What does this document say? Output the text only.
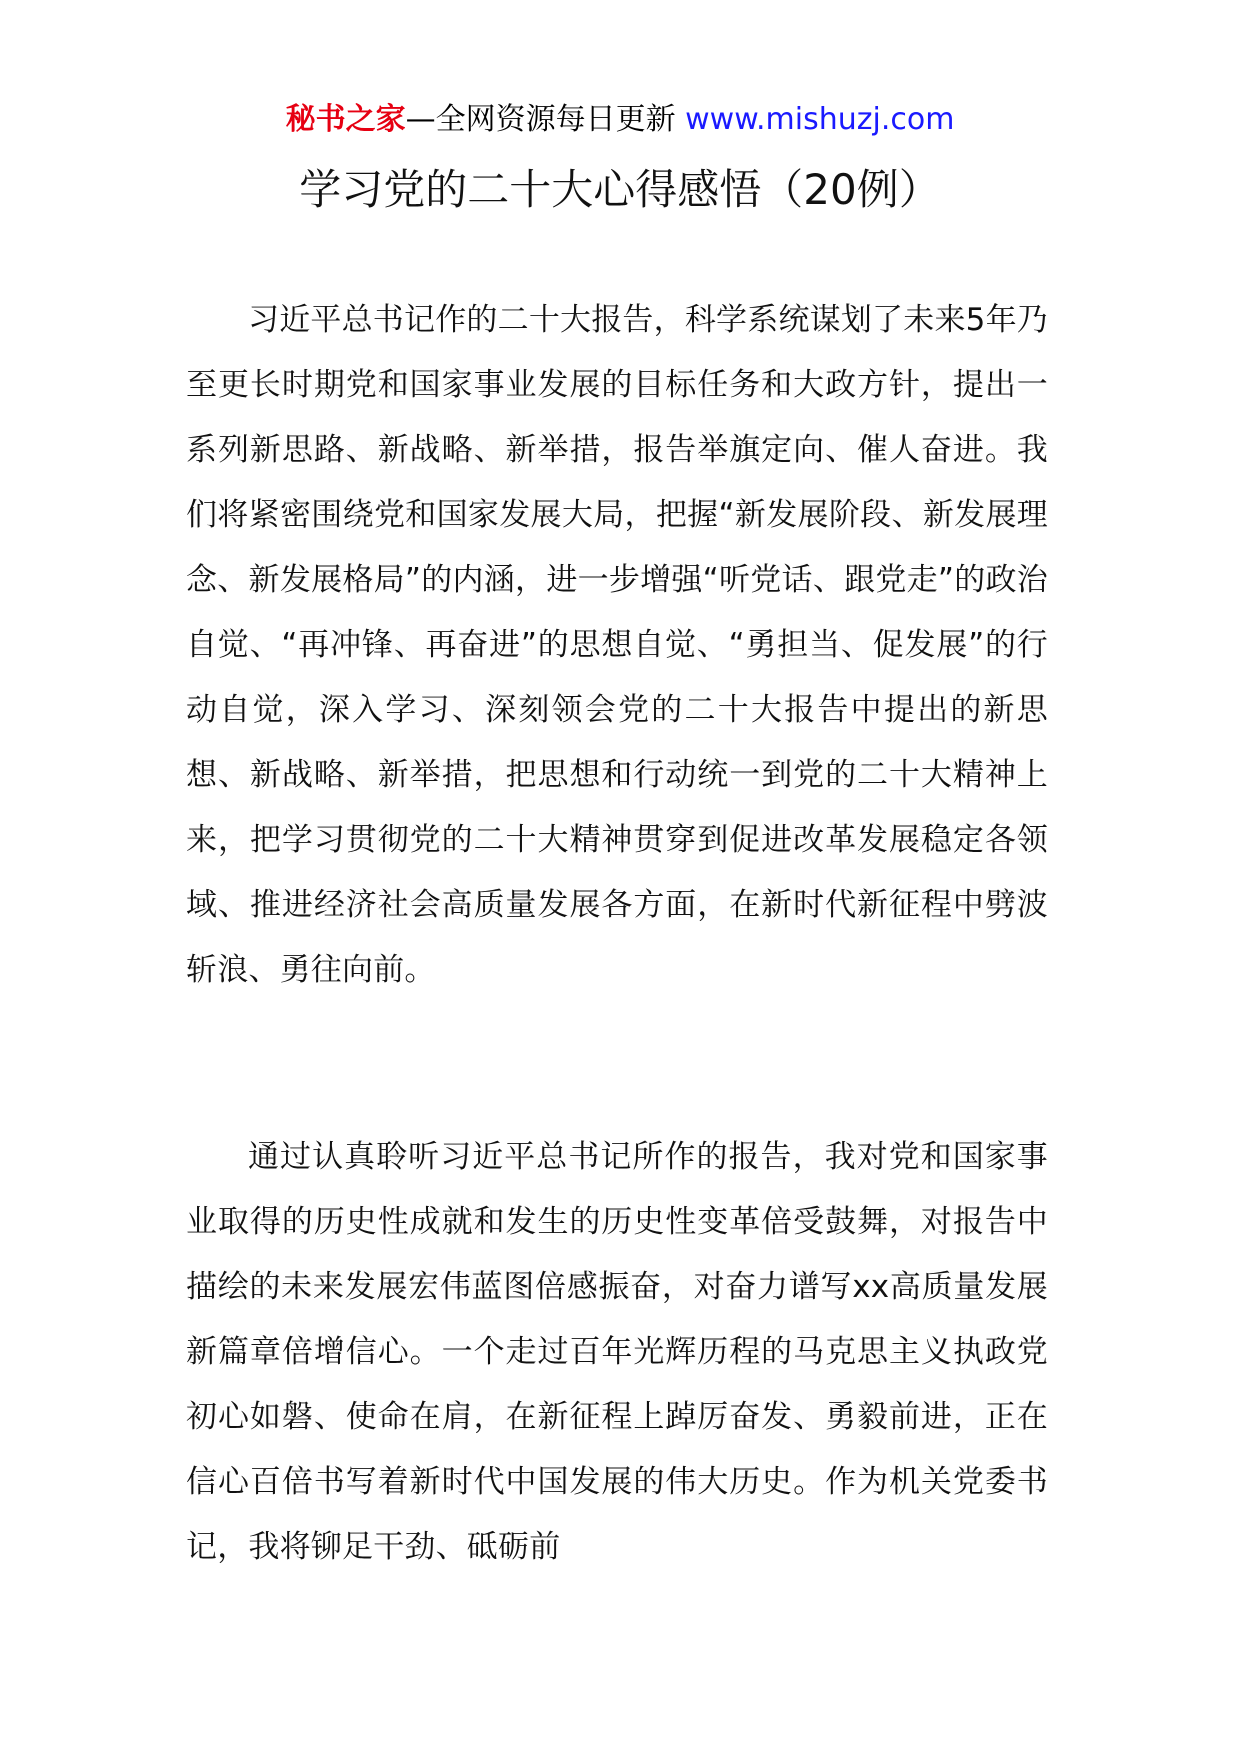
秘书之家—全网资源每日更新 www.mishuzj.com
学习党的二十大心得感悟（20例）

习近平总书记作的二十大报告，科学系统谋划了未来5年乃至更长时期党和国家事业发展的目标任务和大政方针，提出一系列新思路、新战略、新举措，报告举旗定向、催人奋进。我们将紧密围绕党和国家发展大局，把握“新发展阶段、新发展理念、新发展格局”的内涵，进一步增强“听党话、跟党走”的政治自觉、“再冲锋、再奋进”的思想自觉、“勇担当、促发展”的行动自觉，深入学习、深刻领会党的二十大报告中提出的新思想、新战略、新举措，把思想和行动统一到党的二十大精神上来，把学习贯彻党的二十大精神贯穿到促进改革发展稳定各领域、推进经济社会高质量发展各方面，在新时代新征程中劈波斩浪、勇往向前。

通过认真聆听习近平总书记所作的报告，我对党和国家事业取得的历史性成就和发生的历史性变革倍受鼓舞，对报告中描绘的未来发展宏伟蓝图倍感振奋，对奋力谱写xx高质量发展新篇章倍增信心。一个走过百年光辉历程的马克思主义执政党初心如磐、使命在肩，在新征程上踔厉奋发、勇毅前进，正在信心百倍书写着新时代中国发展的伟大历史。作为机关党委书记，我将铆足干劲、砥砺前
